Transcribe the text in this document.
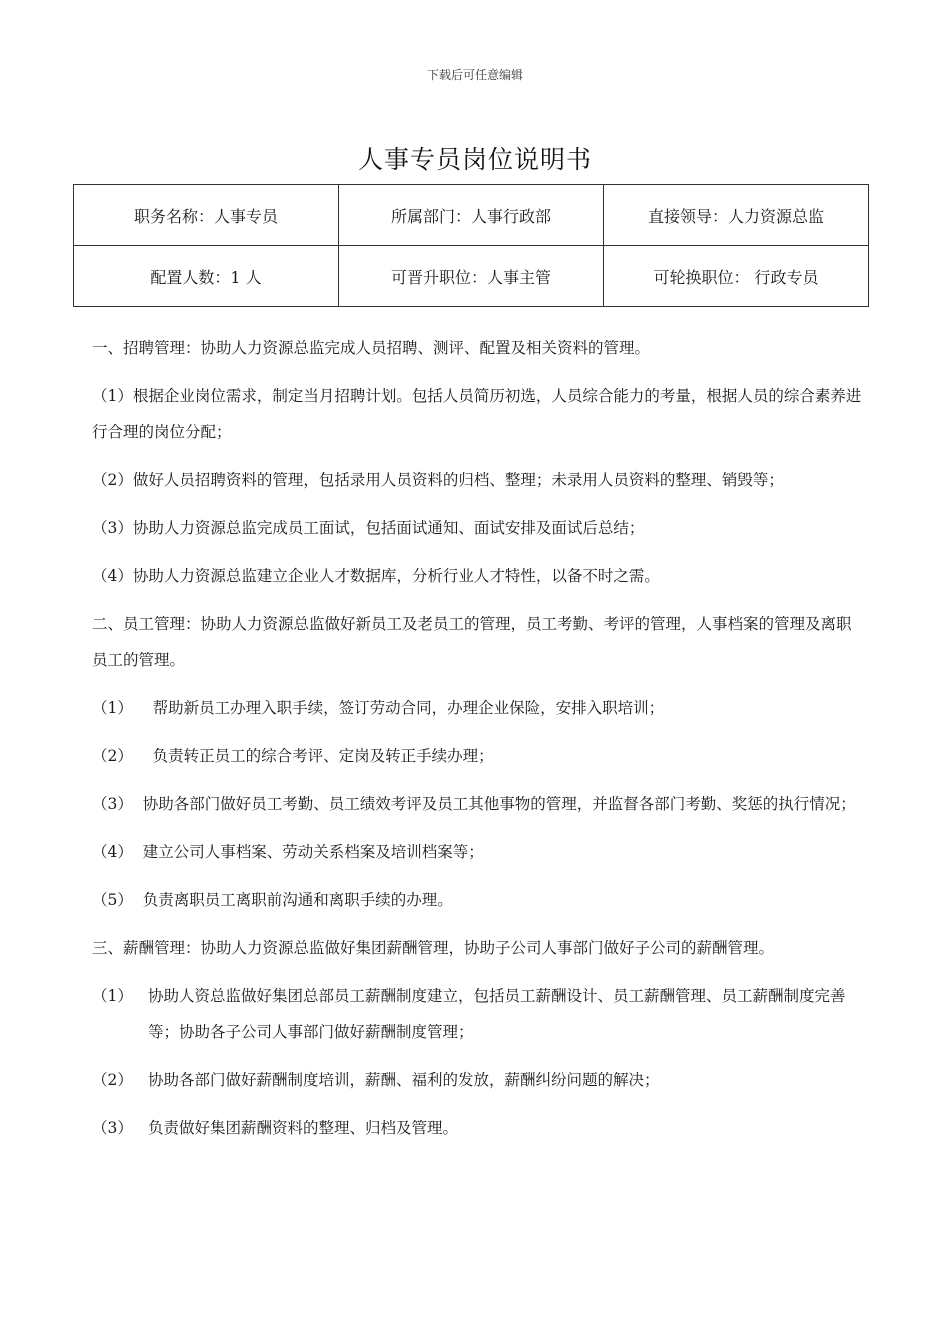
下载后可任意编辑
人事专员岗位说明书
职务名称：人事专员	所属部门：人事行政部	直接领导：人力资源总监
配置人数：1 人	可晋升职位：人事主管	可轮换职位： 行政专员

一、招聘管理：协助人力资源总监完成人员招聘、测评、配置及相关资料的管理。

（1）根据企业岗位需求，制定当月招聘计划。包括人员简历初选，人员综合能力的考量，根据人员的综合素养进行合理的岗位分配；

（2）做好人员招聘资料的管理，包括录用人员资料的归档、整理；未录用人员资料的整理、销毁等；

（3）协助人力资源总监完成员工面试，包括面试通知、面试安排及面试后总结；

（4）协助人力资源总监建立企业人才数据库，分析行业人才特性，以备不时之需。

二、员工管理：协助人力资源总监做好新员工及老员工的管理，员工考勤、考评的管理，人事档案的管理及离职员工的管理。

（1）    帮助新员工办理入职手续，签订劳动合同，办理企业保险，安排入职培训；

（2）    负责转正员工的综合考评、定岗及转正手续办理；

（3）  协助各部门做好员工考勤、员工绩效考评及员工其他事物的管理，并监督各部门考勤、奖惩的执行情况；

（4）  建立公司人事档案、劳动关系档案及培训档案等；

（5）  负责离职员工离职前沟通和离职手续的办理。

三、薪酬管理：协助人力资源总监做好集团薪酬管理，协助子公司人事部门做好子公司的薪酬管理。

（1） 协助人资总监做好集团总部员工薪酬制度建立，包括员工薪酬设计、员工薪酬管理、员工薪酬制度完善等；协助各子公司人事部门做好薪酬制度管理；
（2） 协助各部门做好薪酬制度培训，薪酬、福利的发放，薪酬纠纷问题的解决；
（3） 负责做好集团薪酬资料的整理、归档及管理。
